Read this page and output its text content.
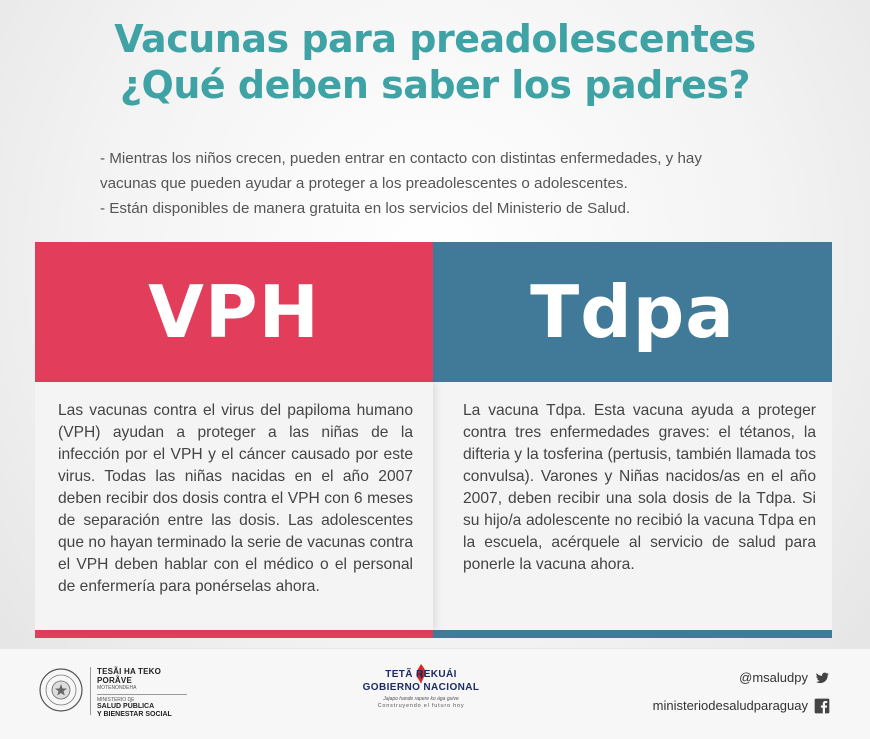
Vacunas para preadolescentes
¿Qué deben saber los padres?
- Mientras los niños crecen, pueden entrar en contacto con distintas enfermedades, y hay
vacunas que pueden ayudar a proteger a los preadolescentes o adolescentes.
- Están disponibles de manera gratuita en los servicios del Ministerio de Salud.
VPH	Tdpa
Las vacunas contra el virus del papiloma humano (VPH) ayudan a proteger a las niñas de la infección por el VPH y el cáncer causado por este virus. Todas las niñas nacidas en el año 2007 deben recibir dos dosis contra el VPH con 6 meses de separación entre las dosis. Las adolescentes que no hayan terminado la serie de vacunas contra el VPH deben hablar con el médico o el personal de enfermería para ponérselas ahora.
La vacuna Tdpa. Esta vacuna ayuda a proteger contra tres enfermedades graves: el tétanos, la difteria y la tosferina (pertusis, también llamada tos convulsa). Varones y Niñas nacidos/as en el año 2007, deben recibir una sola dosis de la Tdpa. Si su hijo/a adolescente no recibió la vacuna Tdpa en la escuela, acérquele al servicio de salud para ponerle la vacuna ahora.
TESÃI HA TEKO
PORÃVE
MOTENONDEHA
MINISTERIO DE
SALUD PÚBLICA
Y BIENESTAR SOCIAL
TETÃ REKUÁI
GOBIERNO NACIONAL
Jajapo hande rapere ko ága guive
Construyendo el futuro hoy
@msaludpy
ministeriodesaludparaguay
